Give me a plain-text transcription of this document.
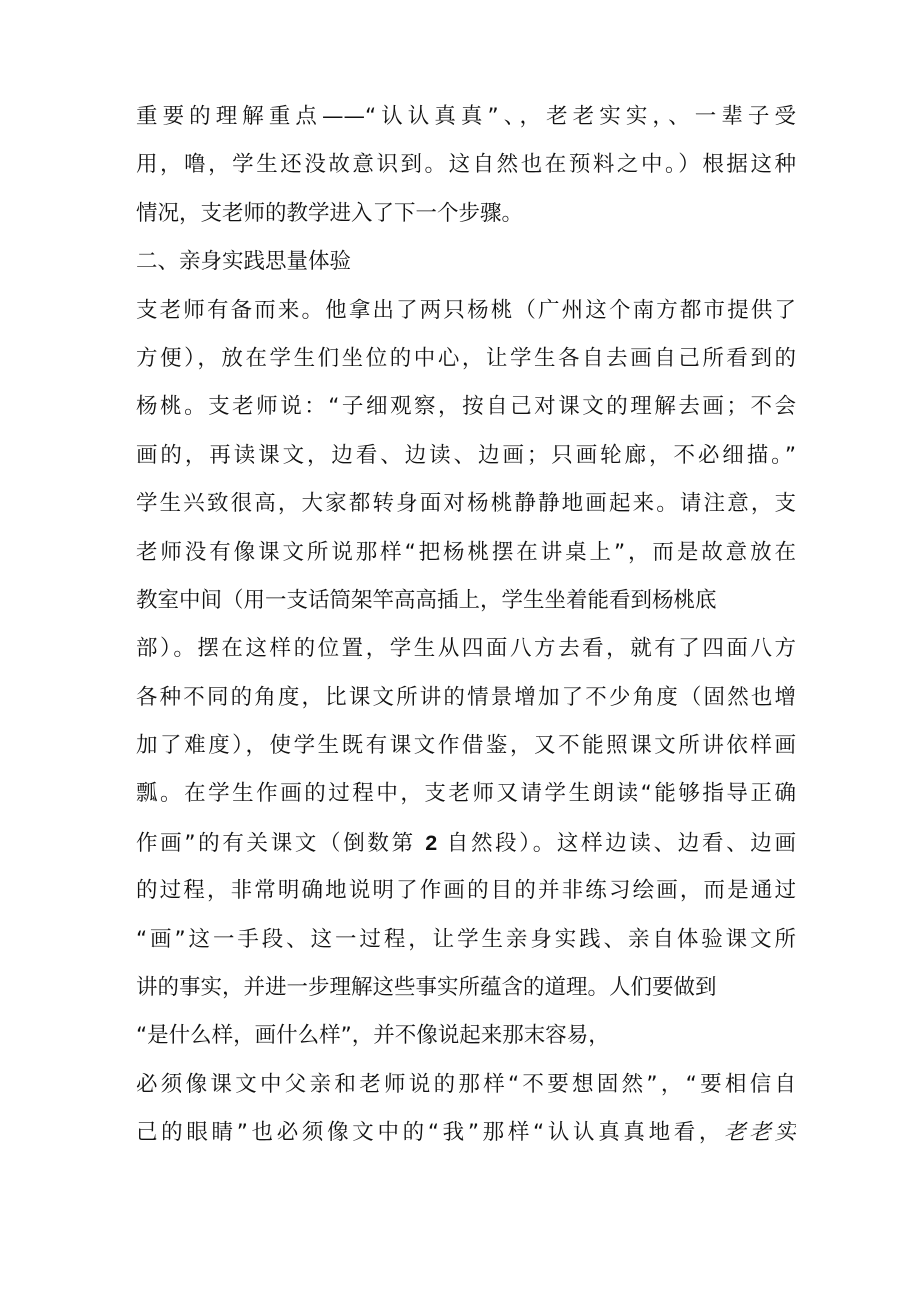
重要的理解重点——“认认真真”、，老老实实，、一辈子受
用，噜，学生还没故意识到。这自然也在预料之中。）根据这种
情况，支老师的教学进入了下一个步骤。
二、亲身实践思量体验
支老师有备而来。他拿出了两只杨桃（广州这个南方都市提供了
方便），放在学生们坐位的中心，让学生各自去画自己所看到的
杨桃。支老师说：“子细观察，按自己对课文的理解去画；不会
画的，再读课文，边看、边读、边画；只画轮廊，不必细描。”
学生兴致很高，大家都转身面对杨桃静静地画起来。请注意，支
老师没有像课文所说那样“把杨桃摆在讲桌上”，而是故意放在
教室中间（用一支话筒架竿高高插上，学生坐着能看到杨桃底
部）。摆在这样的位置，学生从四面八方去看，就有了四面八方
各种不同的角度，比课文所讲的情景增加了不少角度（固然也增
加了难度），使学生既有课文作借鉴，又不能照课文所讲依样画
瓢。在学生作画的过程中，支老师又请学生朗读“能够指导正确
作画”的有关课文（倒数第 2 自然段）。这样边读、边看、边画
的过程，非常明确地说明了作画的目的并非练习绘画，而是通过
“画”这一手段、这一过程，让学生亲身实践、亲自体验课文所
讲的事实，并进一步理解这些事实所蕴含的道理。人们要做到
“是什么样，画什么样”，并不像说起来那末容易，
必须像课文中父亲和老师说的那样“不要想固然”，“要相信自
己的眼睛”也必须像文中的“我”那样“认认真真地看，老老实
